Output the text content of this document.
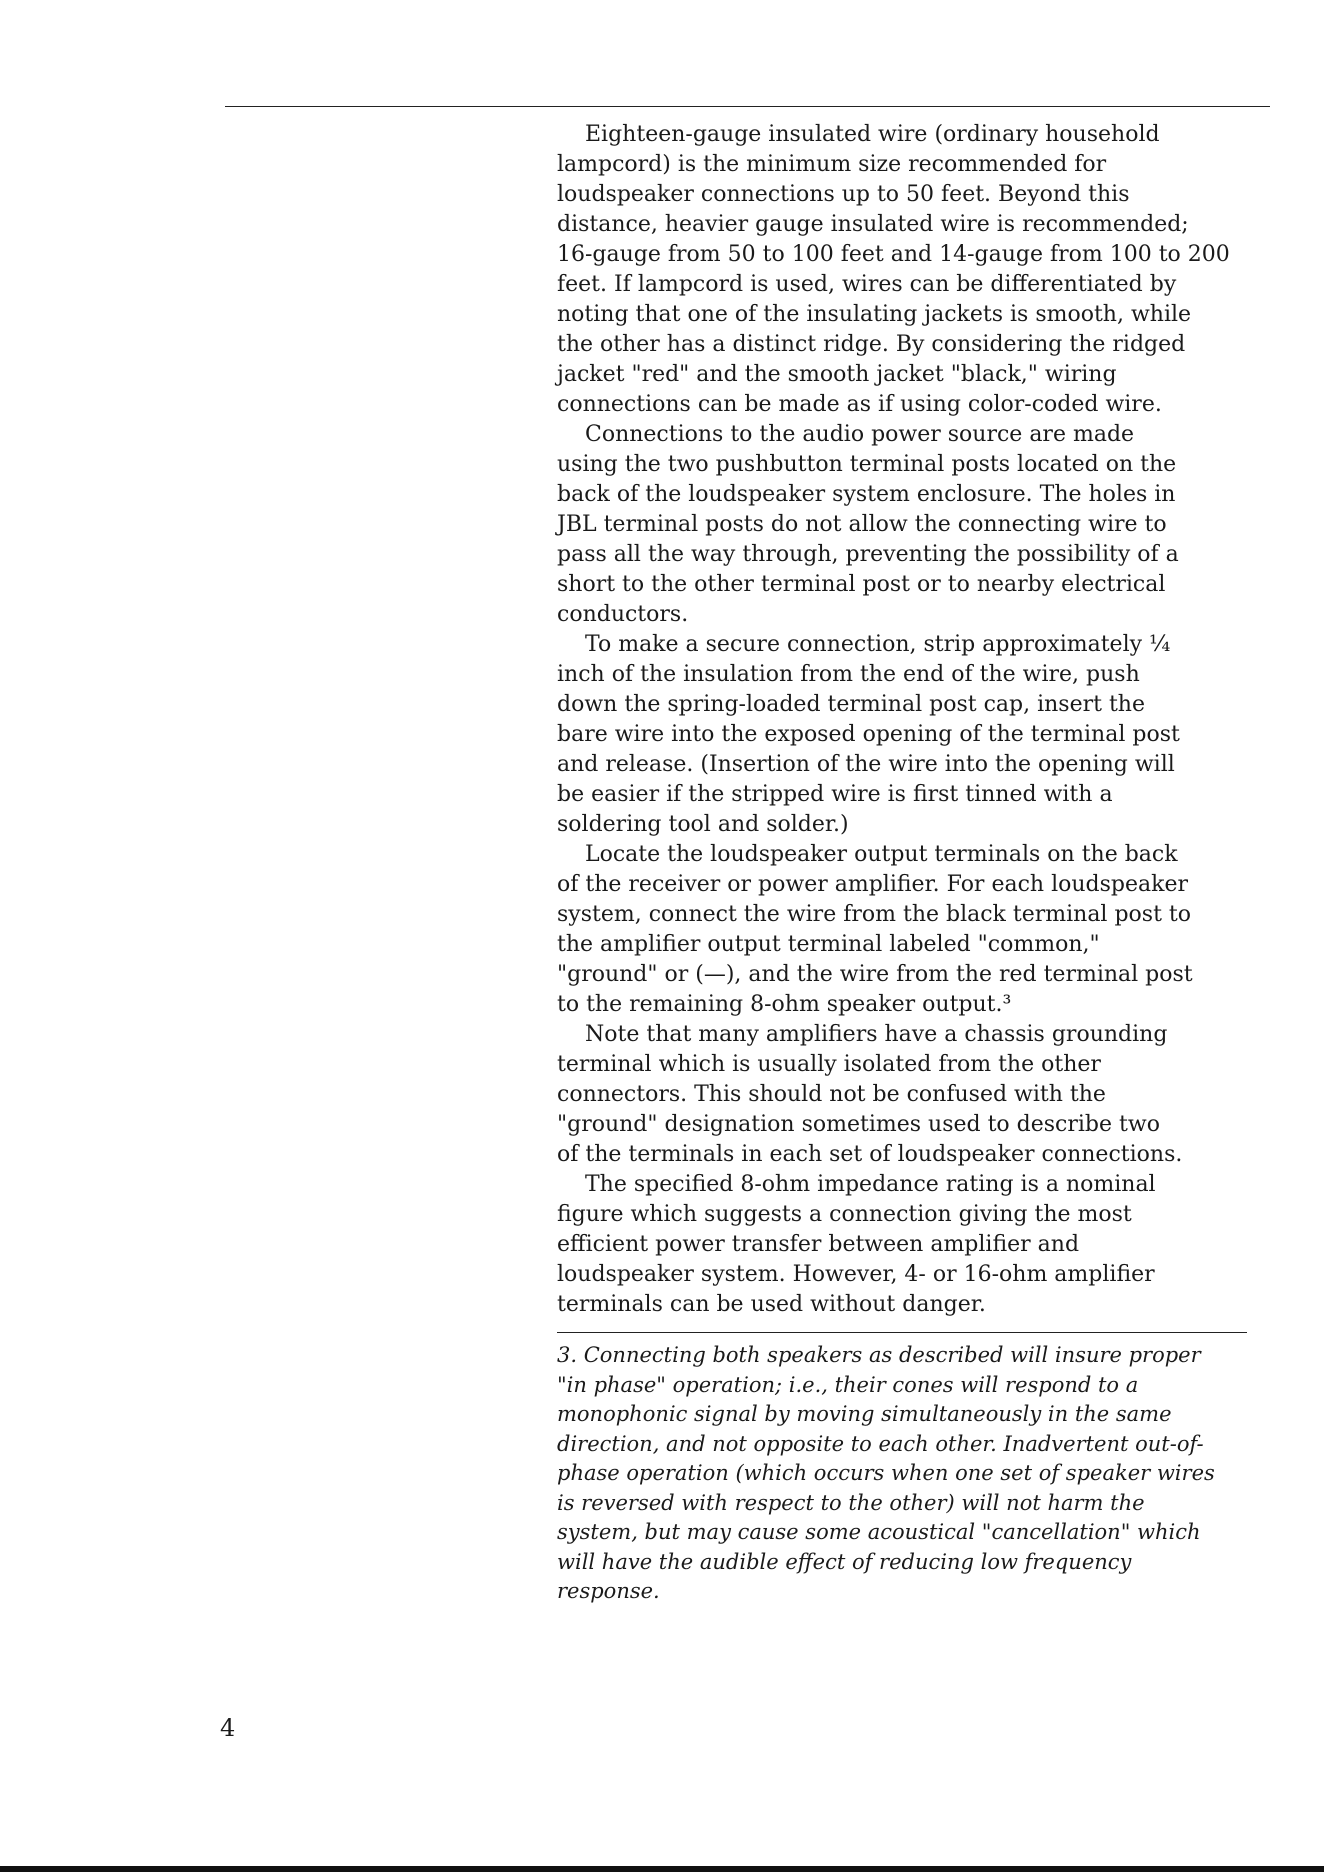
Eighteen-gauge insulated wire (ordinary household
lampcord) is the minimum size recommended for
loudspeaker connections up to 50 feet. Beyond this
distance, heavier gauge insulated wire is recommended;
16-gauge from 50 to 100 feet and 14-gauge from 100 to 200
feet. If lampcord is used, wires can be differentiated by
noting that one of the insulating jackets is smooth, while
the other has a distinct ridge. By considering the ridged
jacket "red" and the smooth jacket "black," wiring
connections can be made as if using color-coded wire.

Connections to the audio power source are made
using the two pushbutton terminal posts located on the
back of the loudspeaker system enclosure. The holes in
JBL terminal posts do not allow the connecting wire to
pass all the way through, preventing the possibility of a
short to the other terminal post or to nearby electrical
conductors.

To make a secure connection, strip approximately ¼
inch of the insulation from the end of the wire, push
down the spring-loaded terminal post cap, insert the
bare wire into the exposed opening of the terminal post
and release. (Insertion of the wire into the opening will
be easier if the stripped wire is first tinned with a
soldering tool and solder.)

Locate the loudspeaker output terminals on the back
of the receiver or power amplifier. For each loudspeaker
system, connect the wire from the black terminal post to
the amplifier output terminal labeled "common,"
"ground" or (—), and the wire from the red terminal post
to the remaining 8-ohm speaker output.³

Note that many amplifiers have a chassis grounding
terminal which is usually isolated from the other
connectors. This should not be confused with the
"ground" designation sometimes used to describe two
of the terminals in each set of loudspeaker connections.

The specified 8-ohm impedance rating is a nominal
figure which suggests a connection giving the most
efficient power transfer between amplifier and
loudspeaker system. However, 4- or 16-ohm amplifier
terminals can be used without danger.

3. Connecting both speakers as described will insure proper
"in phase" operation; i.e., their cones will respond to a
monophonic signal by moving simultaneously in the same
direction, and not opposite to each other. Inadvertent out-of-
phase operation (which occurs when one set of speaker wires
is reversed with respect to the other) will not harm the
system, but may cause some acoustical "cancellation" which
will have the audible effect of reducing low frequency
response.

4
